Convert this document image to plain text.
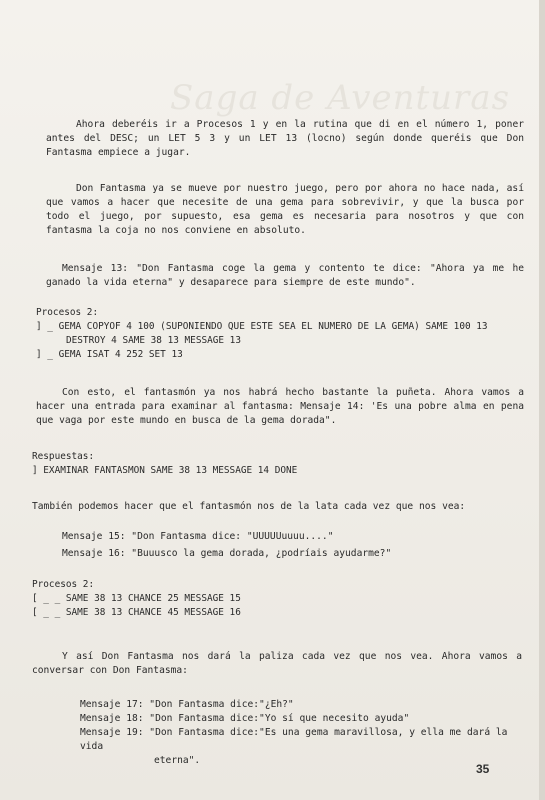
Saga de Aventuras

Ahora deberéis ir a Procesos 1 y en la rutina que di en el número 1, poner antes del DESC; un LET 5 3 y un LET 13 (locno) según donde queréis que Don Fantasma empiece a jugar.

Don Fantasma ya se mueve por nuestro juego, pero por ahora no hace nada, así que vamos a hacer que necesite de una gema para sobrevivir, y que la busca por todo el juego, por supuesto, esa gema es necesaria para nosotros y que con fantasma la coja no nos conviene en absoluto.

Mensaje 13: "Don Fantasma coge la gema y contento te dice: "Ahora ya me he ganado la vida eterna" y desaparece para siempre de este mundo".

Procesos 2:
] _ GEMA COPYOF 4 100 (SUPONIENDO QUE ESTE SEA EL NUMERO DE LA GEMA) SAME 100 13
DESTROY 4 SAME 38 13 MESSAGE 13
] _ GEMA ISAT 4 252 SET 13

Con esto, el fantasmón ya nos habrá hecho bastante la puñeta. Ahora vamos a hacer una entrada para examinar al fantasma: Mensaje 14: 'Es una pobre alma en pena que vaga por este mundo en busca de la gema dorada".

Respuestas:
] EXAMINAR FANTASMON SAME 38 13 MESSAGE 14 DONE

También podemos hacer que el fantasmón nos de la lata cada vez que nos vea:

Mensaje 15: "Don Fantasma dice: "UUUUUuuuu...."
Mensaje 16: "Buuusco la gema dorada, ¿podríais ayudarme?"
Procesos 2:
[ _ _ SAME 38 13 CHANCE 25 MESSAGE 15
[ _ _ SAME 38 13 CHANCE 45 MESSAGE 16

Y así Don Fantasma nos dará la paliza cada vez que nos vea. Ahora vamos a conversar con Don Fantasma:

Mensaje 17: "Don Fantasma dice:"¿Eh?"
Mensaje 18: "Don Fantasma dice:"Yo sí que necesito ayuda"
Mensaje 19: "Don Fantasma dice:"Es una gema maravillosa, y ella me dará la vida
eterna".
35
